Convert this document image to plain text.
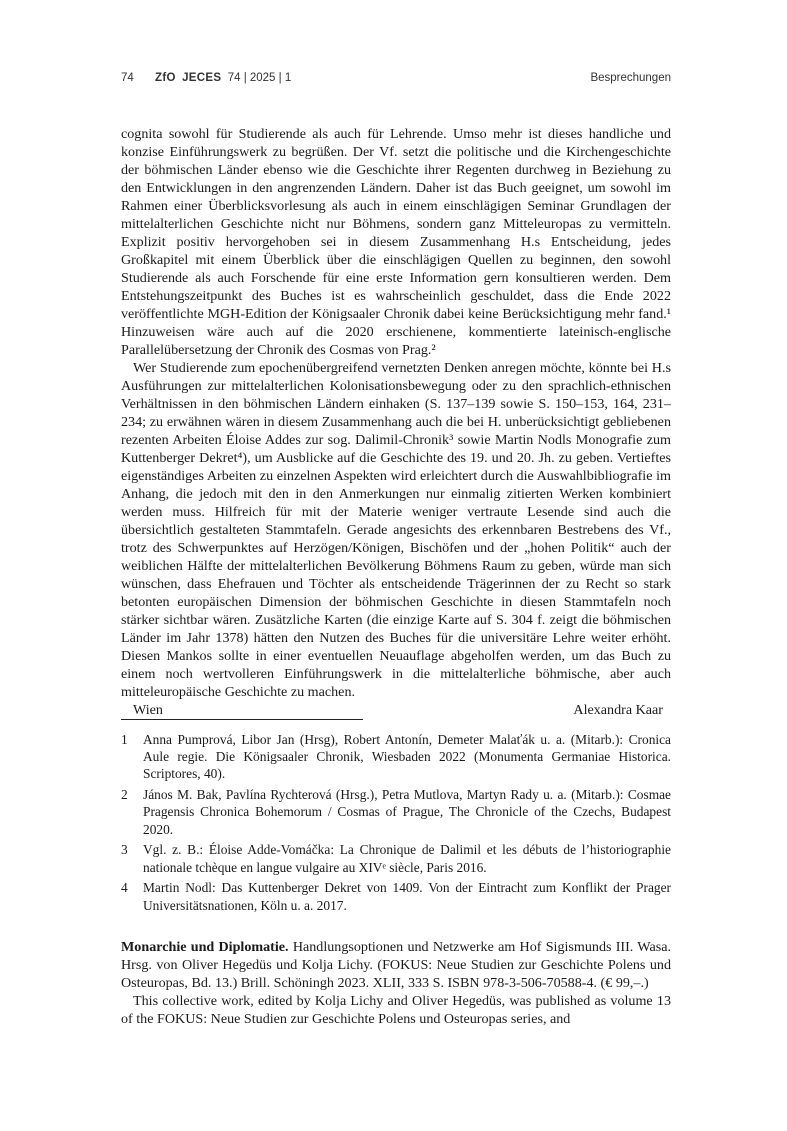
74 ZfO JECES 74 | 2025 | 1	Besprechungen

cognita sowohl für Studierende als auch für Lehrende. Umso mehr ist dieses handliche und konzise Einführungswerk zu begrüßen. Der Vf. setzt die politische und die Kirchengeschichte der böhmischen Länder ebenso wie die Geschichte ihrer Regenten durchweg in Beziehung zu den Entwicklungen in den angrenzenden Ländern. Daher ist das Buch geeignet, um sowohl im Rahmen einer Überblicksvorlesung als auch in einem einschlägigen Seminar Grundlagen der mittelalterlichen Geschichte nicht nur Böhmens, sondern ganz Mitteleuropas zu vermitteln. Explizit positiv hervorgehoben sei in diesem Zusammenhang H.s Entscheidung, jedes Großkapitel mit einem Überblick über die einschlägigen Quellen zu beginnen, den sowohl Studierende als auch Forschende für eine erste Information gern konsultieren werden. Dem Entstehungszeitpunkt des Buches ist es wahrscheinlich geschuldet, dass die Ende 2022 veröffentlichte MGH-Edition der Königsaaler Chronik dabei keine Berücksichtigung mehr fand.¹ Hinzuweisen wäre auch auf die 2020 erschienene, kommentierte lateinisch-englische Parallelübersetzung der Chronik des Cosmas von Prag.²

Wer Studierende zum epochenübergreifend vernetzten Denken anregen möchte, könnte bei H.s Ausführungen zur mittelalterlichen Kolonisationsbewegung oder zu den sprachlich-ethnischen Verhältnissen in den böhmischen Ländern einhaken (S. 137–139 sowie S. 150–153, 164, 231–234; zu erwähnen wären in diesem Zusammenhang auch die bei H. unberücksichtigt gebliebenen rezenten Arbeiten Éloise Addes zur sog. Dalimil-Chronik³ sowie Martin Nodls Monografie zum Kuttenberger Dekret⁴), um Ausblicke auf die Geschichte des 19. und 20. Jh. zu geben. Vertieftes eigenständiges Arbeiten zu einzelnen Aspekten wird erleichtert durch die Auswahlbibliografie im Anhang, die jedoch mit den in den Anmerkungen nur einmalig zitierten Werken kombiniert werden muss. Hilfreich für mit der Materie weniger vertraute Lesende sind auch die übersichtlich gestalteten Stammtafeln. Gerade angesichts des erkennbaren Bestrebens des Vf., trotz des Schwerpunktes auf Herzögen/Königen, Bischöfen und der „hohen Politik“ auch der weiblichen Hälfte der mittelalterlichen Bevölkerung Böhmens Raum zu geben, würde man sich wünschen, dass Ehefrauen und Töchter als entscheidende Trägerinnen der zu Recht so stark betonten europäischen Dimension der böhmischen Geschichte in diesen Stammtafeln noch stärker sichtbar wären. Zusätzliche Karten (die einzige Karte auf S. 304 f. zeigt die böhmischen Länder im Jahr 1378) hätten den Nutzen des Buches für die universitäre Lehre weiter erhöht. Diesen Mankos sollte in einer eventuellen Neuauflage abgeholfen werden, um das Buch zu einem noch wertvolleren Einführungswerk in die mittelalterliche böhmische, aber auch mitteleuropäische Geschichte zu machen.

Wien	Alexandra Kaar
1 Anna Pumprová, Libor Jan (Hrsg), Robert Antonín, Demeter Malaťák u. a. (Mitarb.): Cronica Aule regie. Die Königsaaler Chronik, Wiesbaden 2022 (Monumenta Germaniae Historica. Scriptores, 40).
2 János M. Bak, Pavlína Rychterová (Hrsg.), Petra Mutlova, Martyn Rady u. a. (Mitarb.): Cosmae Pragensis Chronica Bohemorum / Cosmas of Prague, The Chronicle of the Czechs, Budapest 2020.
3 Vgl. z. B.: Éloise Adde-Vomáčka: La Chronique de Dalimil et les débuts de l’historiographie nationale tchèque en langue vulgaire au XIVᵉ siècle, Paris 2016.
4 Martin Nodl: Das Kuttenberger Dekret von 1409. Von der Eintracht zum Konflikt der Prager Universitätsnationen, Köln u. a. 2017.

Monarchie und Diplomatie. Handlungsoptionen und Netzwerke am Hof Sigismunds III. Wasa. Hrsg. von Oliver Hegedüs und Kolja Lichy. (FOKUS: Neue Studien zur Geschichte Polens und Osteuropas, Bd. 13.) Brill. Schöningh 2023. XLII, 333 S. ISBN 978-3-506-70588-4. (€ 99,–.)

This collective work, edited by Kolja Lichy and Oliver Hegedüs, was published as volume 13 of the FOKUS: Neue Studien zur Geschichte Polens und Osteuropas series, and
